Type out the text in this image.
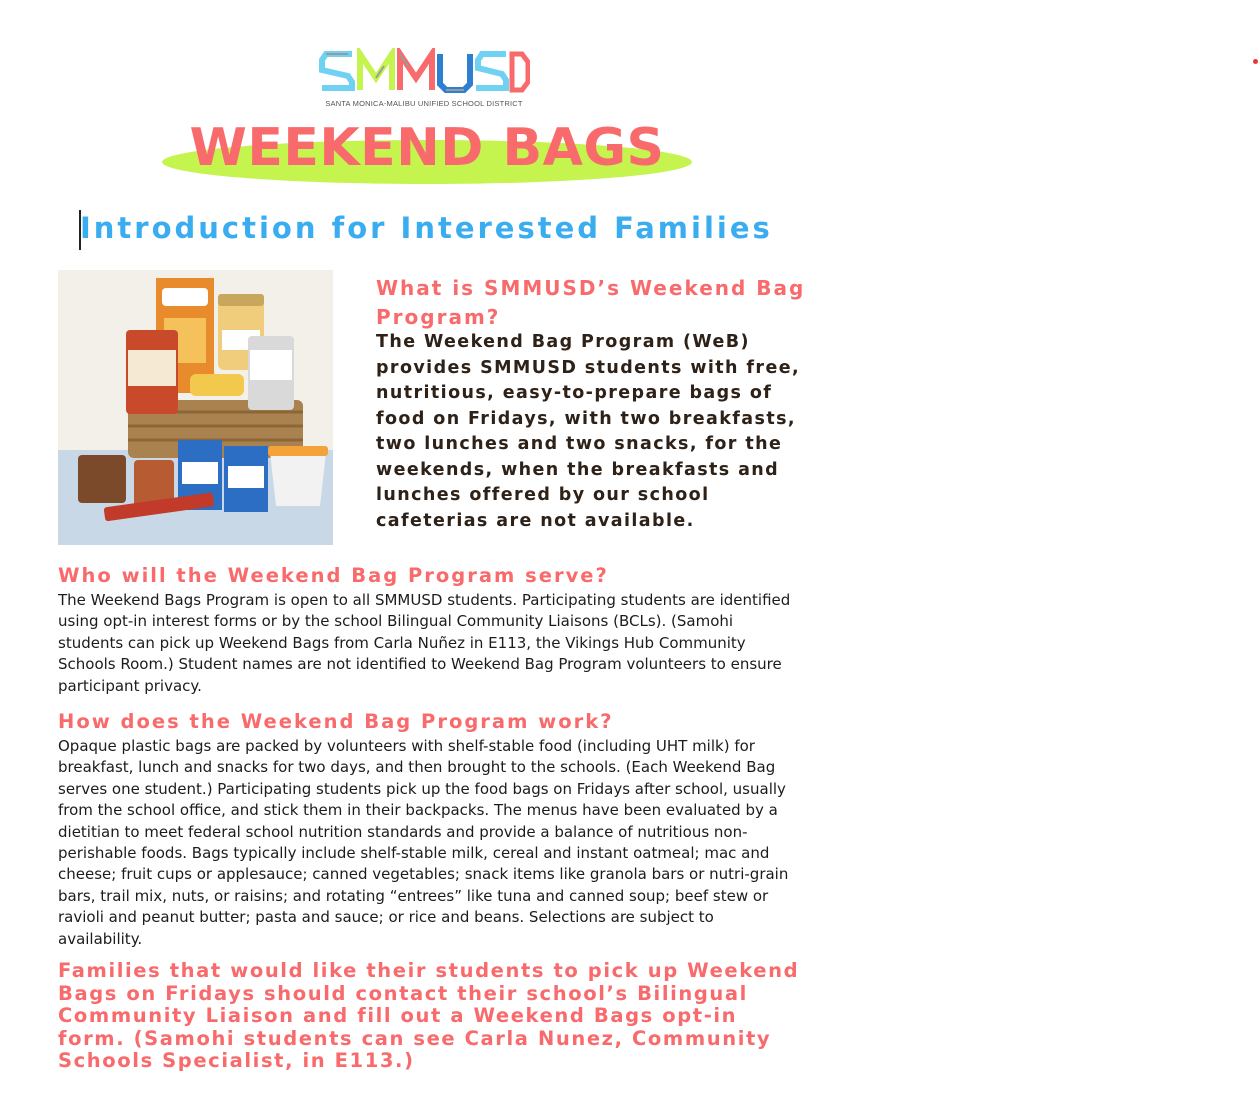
SANTA MONICA-MALIBU UNIFIED SCHOOL DISTRICT
WEEKEND BAGS
Introduction for Interested Families
What is SMMUSD’s Weekend Bag Program?
The Weekend Bag Program (WeB) provides SMMUSD students with free, nutritious, easy-to-prepare bags of food on Fridays, with two breakfasts, two lunches and two snacks, for the weekends, when the breakfasts and lunches offered by our school cafeterias are not available.
Who will the Weekend Bag Program serve?
The Weekend Bags Program is open to all SMMUSD students. Participating students are identified using opt-in interest forms or by the school Bilingual Community Liaisons (BCLs). (Samohi students can pick up Weekend Bags from Carla Nuñez in E113, the Vikings Hub Community Schools Room.) Student names are not identified to Weekend Bag Program volunteers to ensure participant privacy.
How does the Weekend Bag Program work?
Opaque plastic bags are packed by volunteers with shelf-stable food (including UHT milk) for breakfast, lunch and snacks for two days, and then brought to the schools. (Each Weekend Bag serves one student.) Participating students pick up the food bags on Fridays after school, usually from the school office, and stick them in their backpacks. The menus have been evaluated by a dietitian to meet federal school nutrition standards and provide a balance of nutritious non-perishable foods. Bags typically include shelf-stable milk, cereal and instant oatmeal; mac and cheese; fruit cups or applesauce; canned vegetables; snack items like granola bars or nutri-grain bars, trail mix, nuts, or raisins; and rotating “entrees” like tuna and canned soup; beef stew or ravioli and peanut butter; pasta and sauce; or rice and beans. Selections are subject to availability.
Families that would like their students to pick up Weekend Bags on Fridays should contact their school’s Bilingual Community Liaison and fill out a Weekend Bags opt-in form. (Samohi students can see Carla Nunez, Community Schools Specialist, in E113.)
